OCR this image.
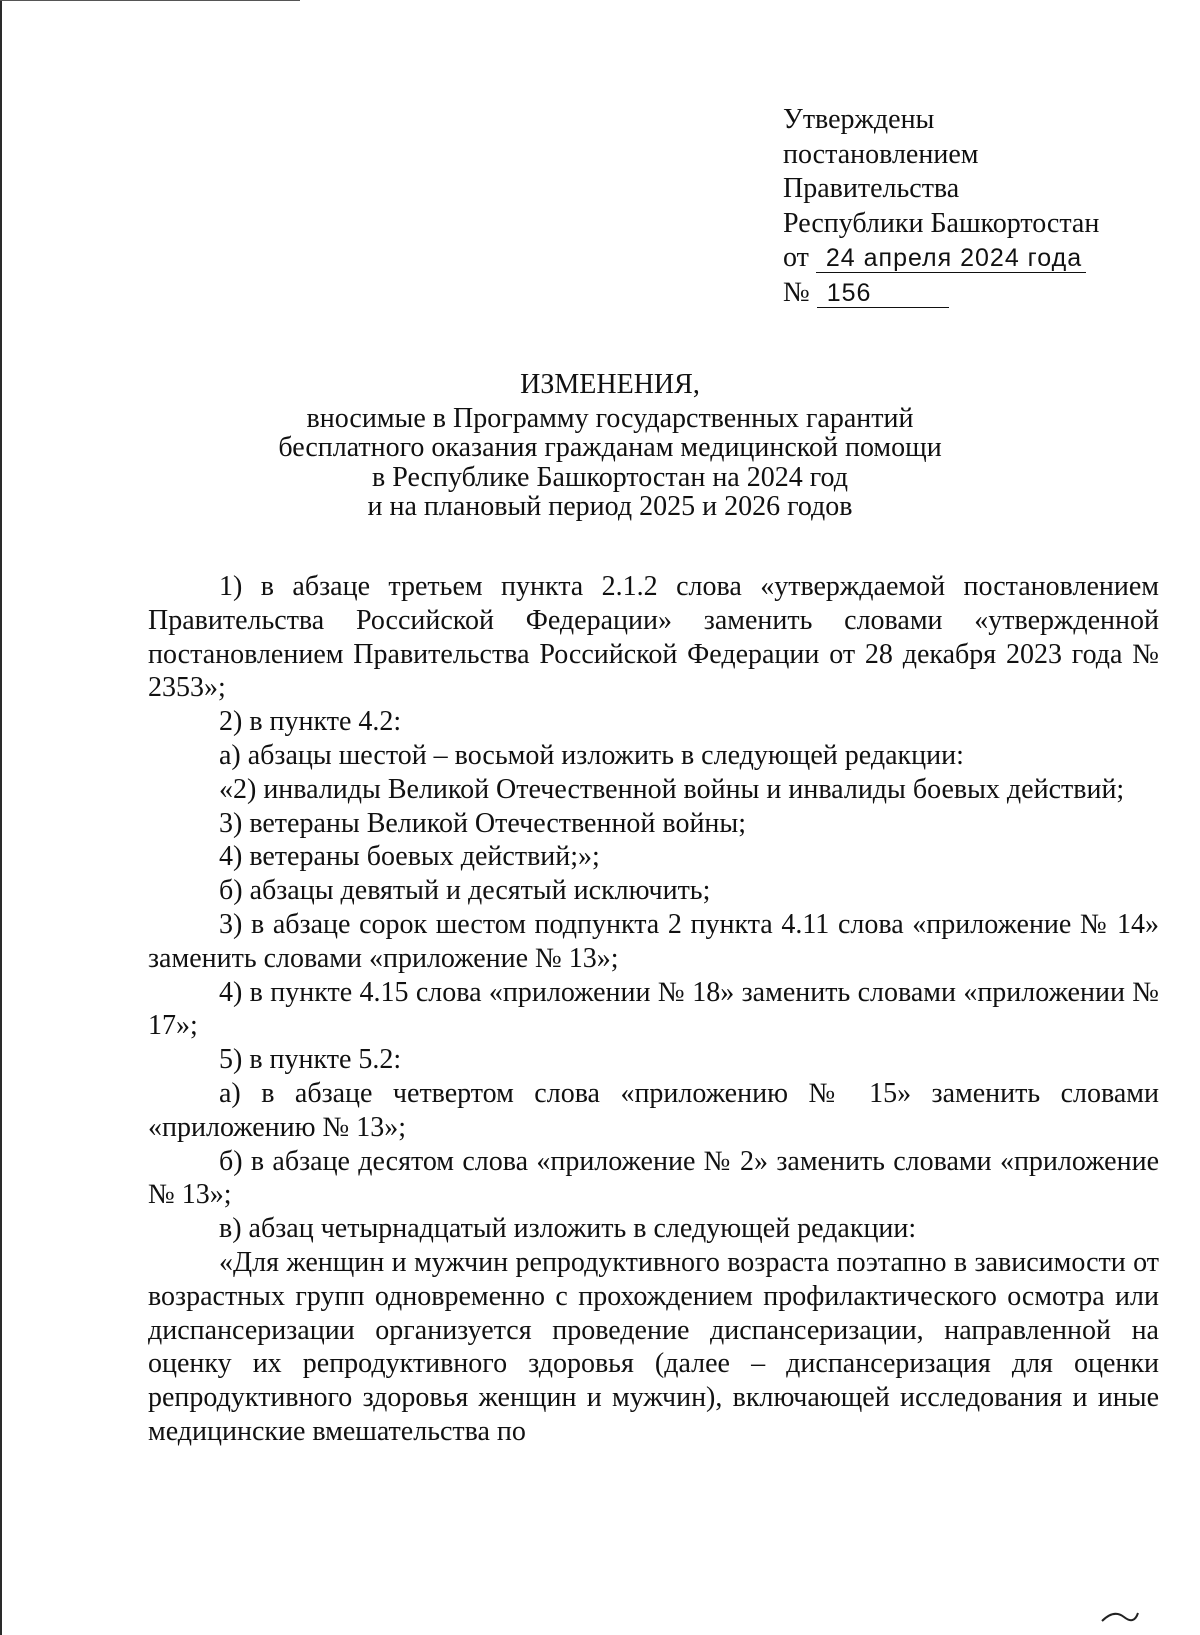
Утверждены
постановлением
Правительства
Республики Башкортостан
от 24 апреля 2024 года
№ 156
ИЗМЕНЕНИЯ,
вносимые в Программу государственных гарантий
бесплатного оказания гражданам медицинской помощи
в Республике Башкортостан на 2024 год
и на плановый период 2025 и 2026 годов

1) в абзаце третьем пункта 2.1.2 слова «утверждаемой постановлением Правительства Российской Федерации» заменить словами «утвержденной постановлением Правительства Российской Федерации от 28 декабря 2023 года № 2353»;

2) в пункте 4.2:

а) абзацы шестой – восьмой изложить в следующей редакции:

«2) инвалиды Великой Отечественной войны и инвалиды боевых действий;

3) ветераны Великой Отечественной войны;

4) ветераны боевых действий;»;

б) абзацы девятый и десятый исключить;

3) в абзаце сорок шестом подпункта 2 пункта 4.11 слова «приложение № 14» заменить словами «приложение № 13»;

4) в пункте 4.15 слова «приложении № 18» заменить словами «приложении № 17»;

5) в пункте 5.2:

а) в абзаце четвертом слова «приложению № 15» заменить словами «приложению № 13»;

б) в абзаце десятом слова «приложение № 2» заменить словами «приложение № 13»;

в) абзац четырнадцатый изложить в следующей редакции:

«Для женщин и мужчин репродуктивного возраста поэтапно в зависимости от возрастных групп одновременно с прохождением профилактического осмотра или диспансеризации организуется проведение диспансеризации, направленной на оценку их репродуктивного здоровья (далее – диспансеризация для оценки репродуктивного здоровья женщин и мужчин), включающей исследования и иные медицинские вмешательства по
